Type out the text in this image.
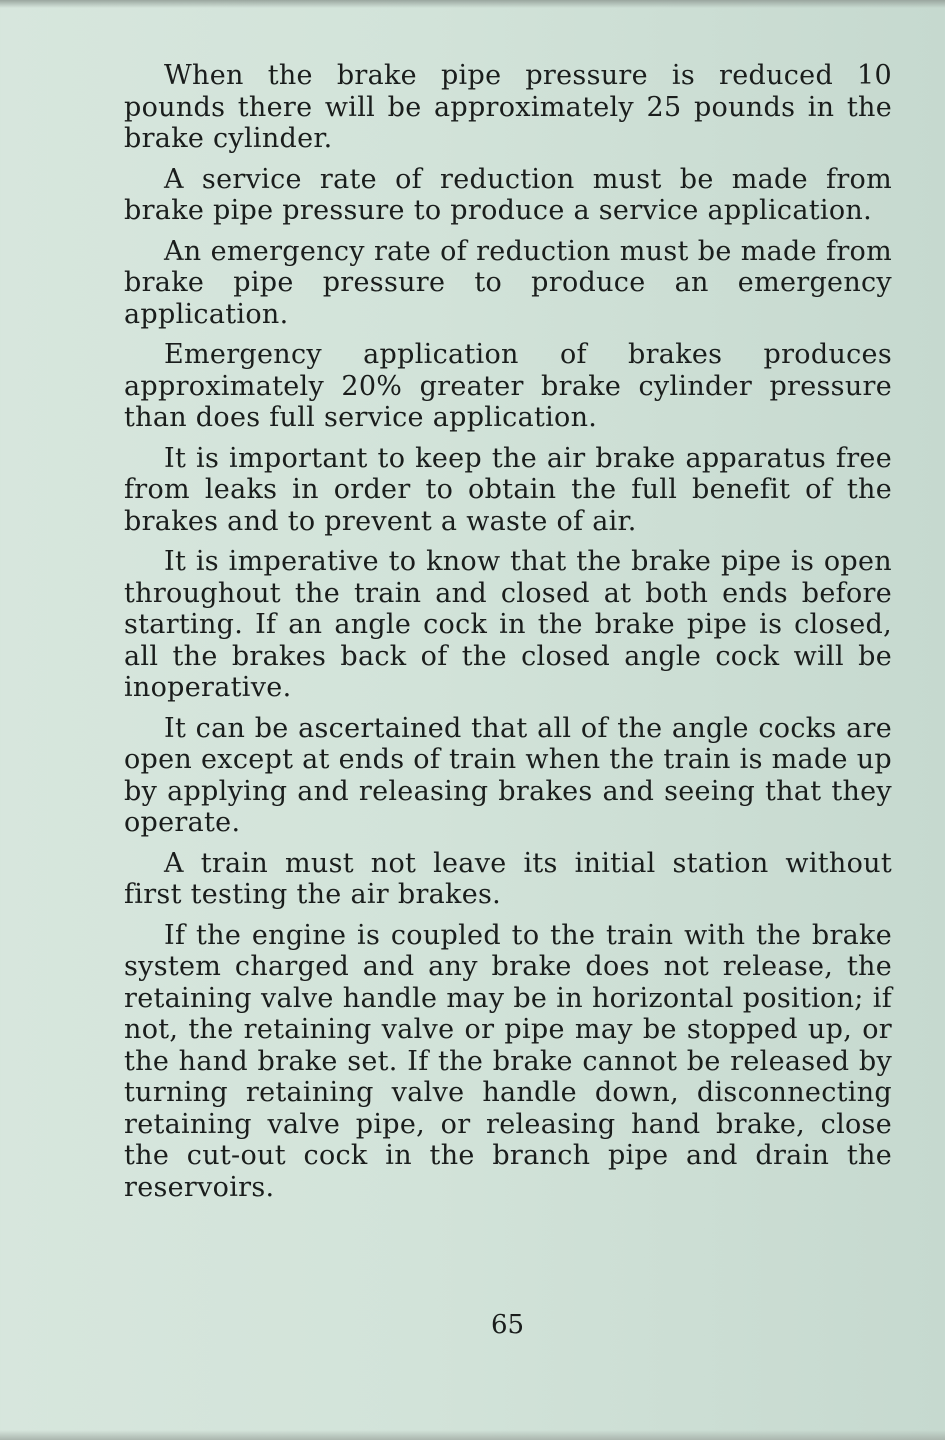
When the brake pipe pressure is reduced 10 pounds there will be approximately 25 pounds in the brake cylinder.

A service rate of reduction must be made from brake pipe pressure to produce a service application.

An emergency rate of reduction must be made from brake pipe pressure to produce an emergency application.

Emergency application of brakes produces approximately 20% greater brake cylinder pressure than does full service application.

It is important to keep the air brake apparatus free from leaks in order to obtain the full benefit of the brakes and to prevent a waste of air.

It is imperative to know that the brake pipe is open throughout the train and closed at both ends before starting. If an angle cock in the brake pipe is closed, all the brakes back of the closed angle cock will be inoperative.

It can be ascertained that all of the angle cocks are open except at ends of train when the train is made up by applying and releasing brakes and seeing that they operate.

A train must not leave its initial station without first testing the air brakes.

If the engine is coupled to the train with the brake system charged and any brake does not release, the retaining valve handle may be in horizontal position; if not, the retaining valve or pipe may be stopped up, or the hand brake set. If the brake cannot be released by turning retaining valve handle down, disconnecting retaining valve pipe, or releasing hand brake, close the cut-out cock in the branch pipe and drain the reservoirs.

65
